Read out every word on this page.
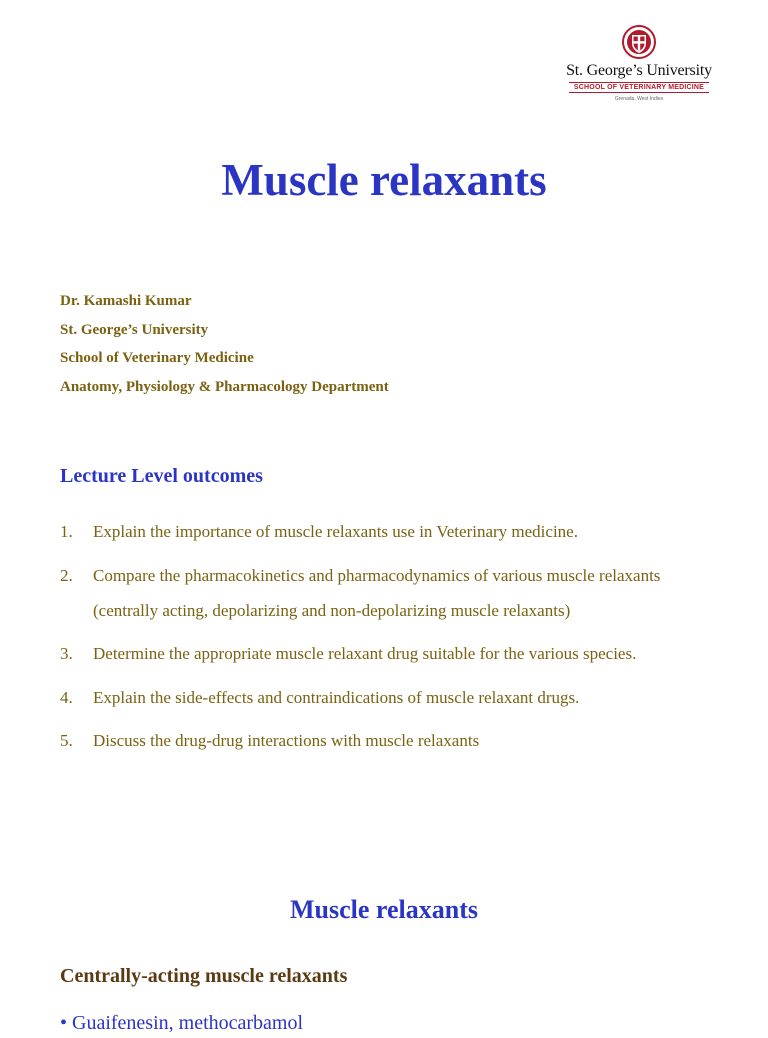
St. George’s University
SCHOOL OF VETERINARY MEDICINE
Grenada, West Indies
Muscle relaxants
Dr. Kamashi Kumar
St. George’s University
School of Veterinary Medicine
Anatomy, Physiology & Pharmacology Department
Lecture Level outcomes
1. Explain the importance of muscle relaxants use in Veterinary medicine.
2. Compare the pharmacokinetics and pharmacodynamics of various muscle relaxants (centrally acting, depolarizing and non-depolarizing muscle relaxants)
3. Determine the appropriate muscle relaxant drug suitable for the various species.
4. Explain the side-effects and contraindications of muscle relaxant drugs.
5. Discuss the drug-drug interactions with muscle relaxants
Muscle relaxants
Centrally-acting muscle relaxants

• Guaifenesin, methocarbamol
